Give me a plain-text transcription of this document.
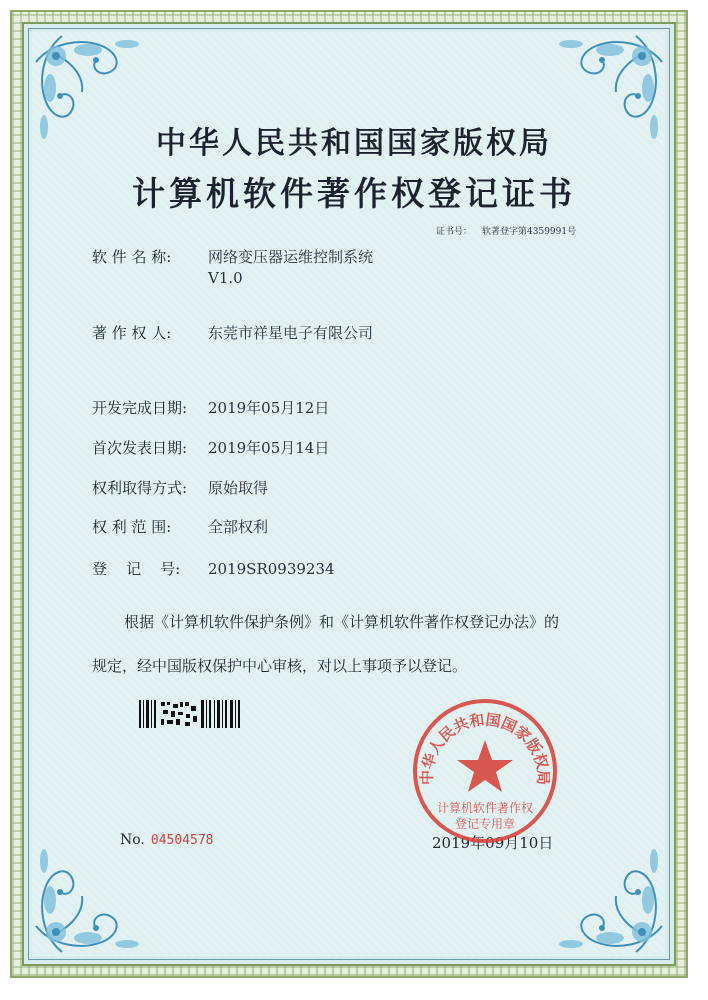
中华人民共和国国家版权局
计算机软件著作权登记证书
证书号： 软著登字第4359991号
软 件 名 称: 网络变压器运维控制系统
V1.0
著 作 权 人: 东莞市祥星电子有限公司
开发完成日期: 2019年05月12日
首次发表日期: 2019年05月14日
权利取得方式: 原始取得
权 利 范 围: 全部权利
登    记    号: 2019SR0939234
根据《计算机软件保护条例》和《计算机软件著作权登记办法》的
规定，经中国版权保护中心审核，对以上事项予以登记。
No. 04504578	2019年09月10日
中华人民共和国国家版权局
计算机软件著作权
登记专用章
